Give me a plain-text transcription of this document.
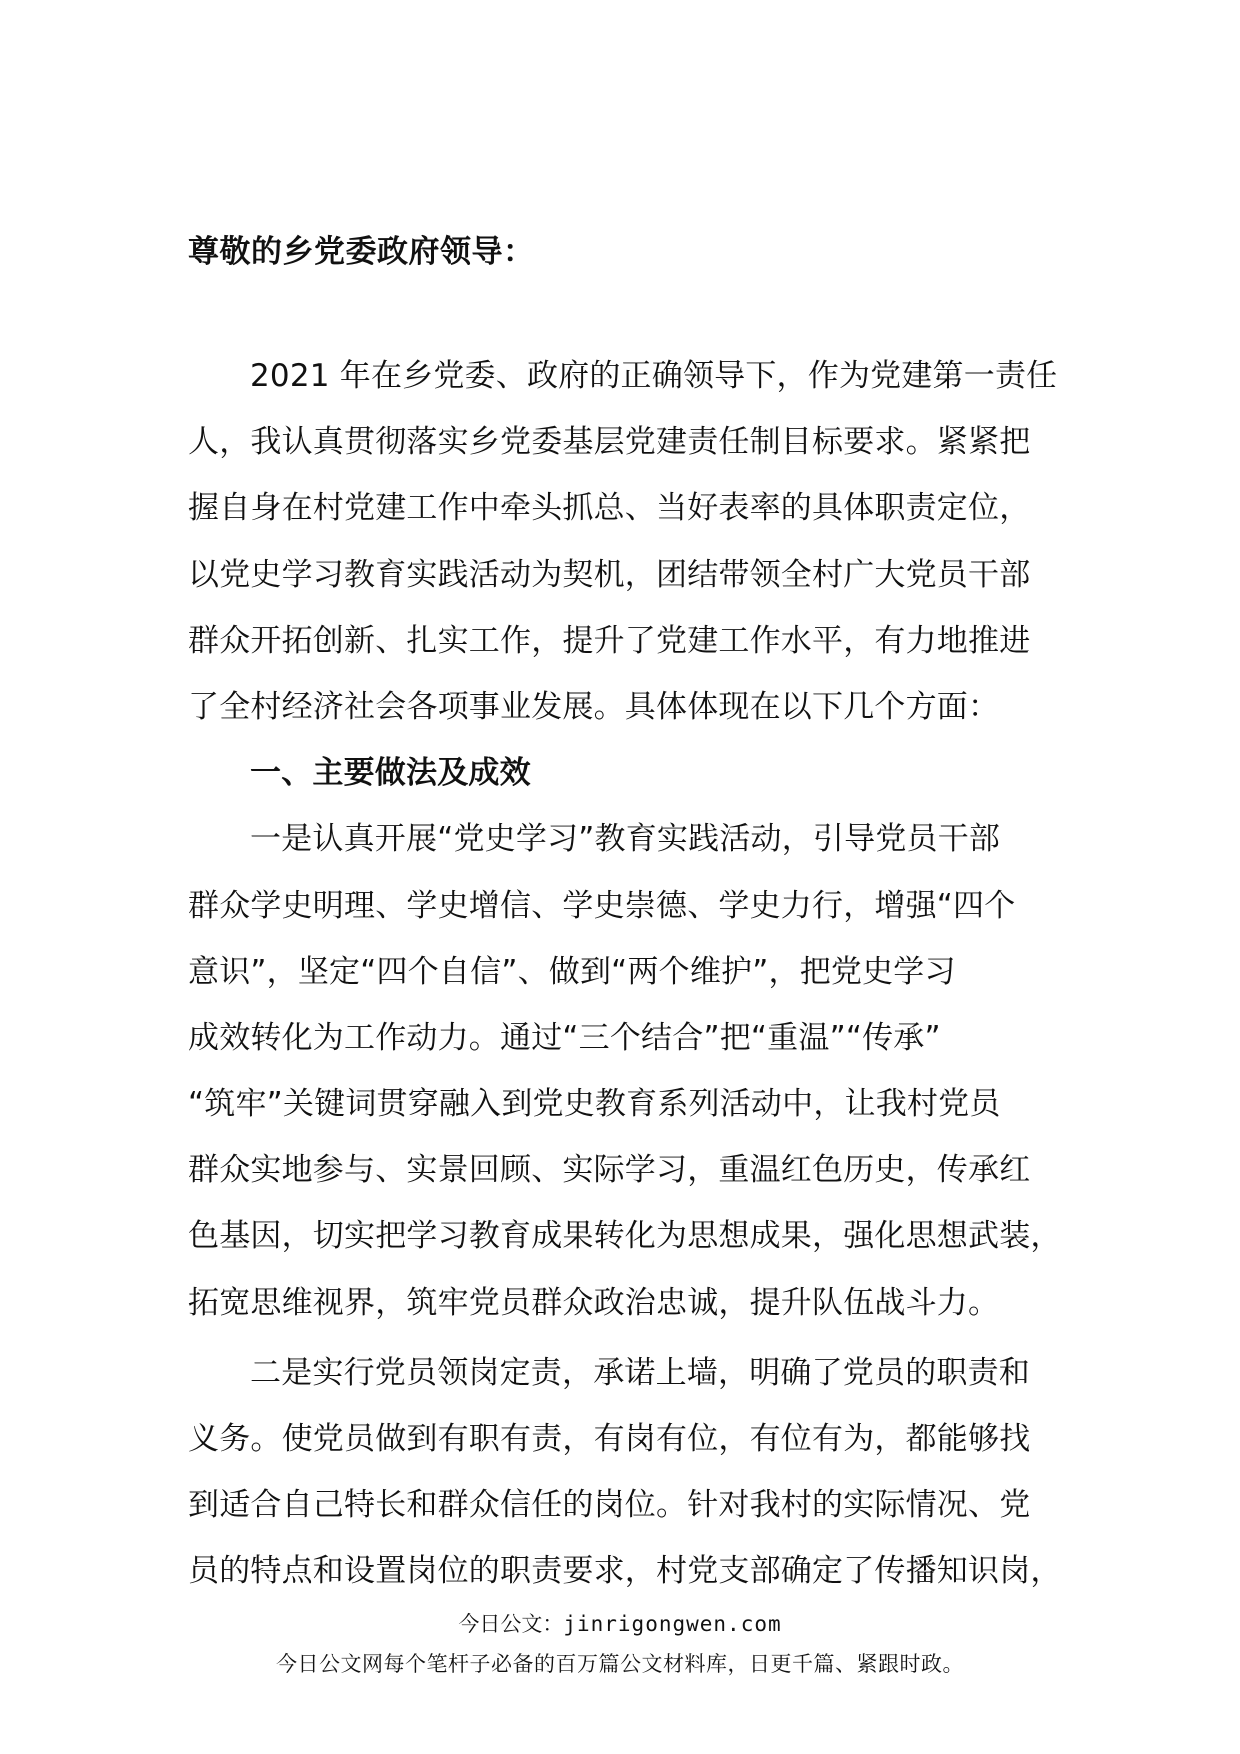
尊敬的乡党委政府领导：
2021 年在乡党委、政府的正确领导下，作为党建第一责任
人，我认真贯彻落实乡党委基层党建责任制目标要求。紧紧把
握自身在村党建工作中牵头抓总、当好表率的具体职责定位，
以党史学习教育实践活动为契机，团结带领全村广大党员干部
群众开拓创新、扎实工作，提升了党建工作水平，有力地推进
了全村经济社会各项事业发展。具体体现在以下几个方面：
一、主要做法及成效
一是认真开展“党史学习”教育实践活动，引导党员干部
群众学史明理、学史增信、学史崇德、学史力行，增强“四个
意识”，坚定“四个自信”、做到“两个维护”，把党史学习
成效转化为工作动力。通过“三个结合”把“重温”“传承”
“筑牢”关键词贯穿融入到党史教育系列活动中，让我村党员
群众实地参与、实景回顾、实际学习，重温红色历史，传承红
色基因，切实把学习教育成果转化为思想成果，强化思想武装，
拓宽思维视界，筑牢党员群众政治忠诚，提升队伍战斗力。
二是实行党员领岗定责，承诺上墙，明确了党员的职责和
义务。使党员做到有职有责，有岗有位，有位有为，都能够找
到适合自己特长和群众信任的岗位。针对我村的实际情况、党
员的特点和设置岗位的职责要求，村党支部确定了传播知识岗，
今日公文：jinrigongwen.com
今日公文网每个笔杆子必备的百万篇公文材料库，日更千篇、紧跟时政。
